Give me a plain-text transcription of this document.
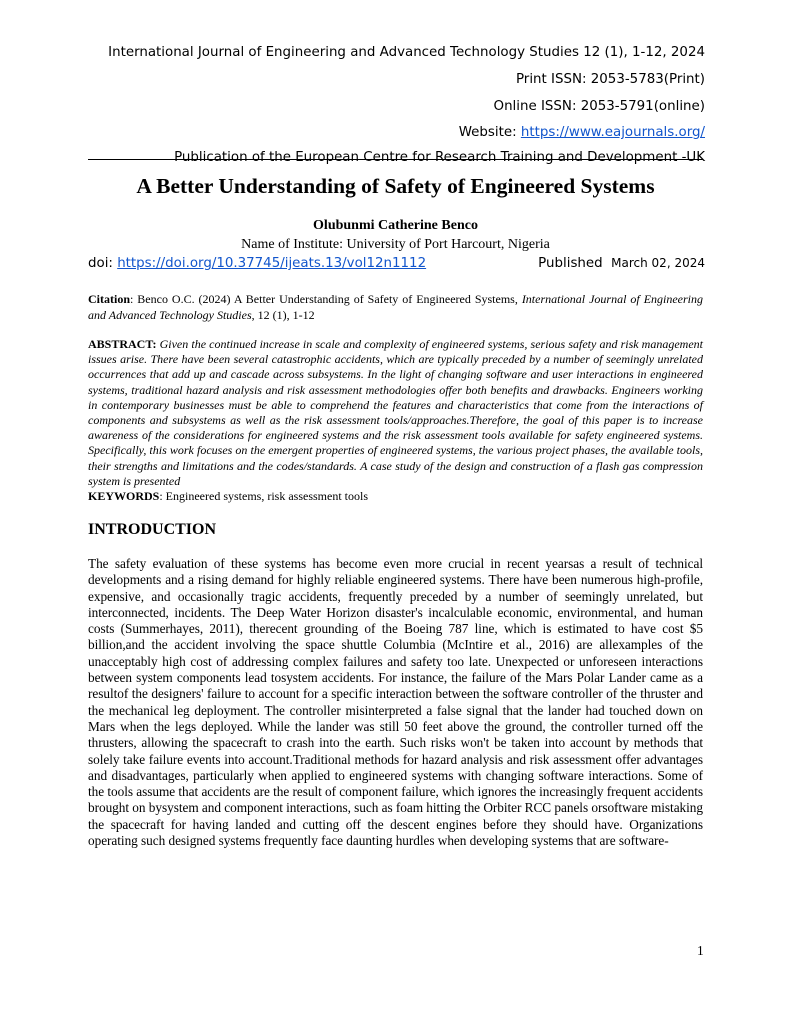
International Journal of Engineering and Advanced Technology Studies 12 (1), 1-12, 2024
Print ISSN: 2053-5783(Print)
Online ISSN: 2053-5791(online)
Website: https://www.eajournals.org/
Publication of the European Centre for Research Training and Development -UK
A Better Understanding of Safety of Engineered Systems
Olubunmi Catherine Benco
Name of Institute: University of Port Harcourt, Nigeria
doi: https://doi.org/10.37745/ijeats.13/vol12n1112	Published March 02, 2024
Citation: Benco O.C. (2024) A Better Understanding of Safety of Engineered Systems, International Journal of Engineering and Advanced Technology Studies, 12 (1), 1-12
ABSTRACT: Given the continued increase in scale and complexity of engineered systems, serious safety and risk management issues arise. There have been several catastrophic accidents, which are typically preceded by a number of seemingly unrelated occurrences that add up and cascade across subsystems. In the light of changing software and user interactions in engineered systems, traditional hazard analysis and risk assessment methodologies offer both benefits and drawbacks. Engineers working in contemporary businesses must be able to comprehend the features and characteristics that come from the interactions of components and subsystems as well as the risk assessment tools/approaches.Therefore, the goal of this paper is to increase awareness of the considerations for engineered systems and the risk assessment tools available for safety engineered systems. Specifically, this work focuses on the emergent properties of engineered systems, the various project phases, the available tools, their strengths and limitations and the codes/standards. A case study of the design and construction of a flash gas compression system is presented
KEYWORDS: Engineered systems, risk assessment tools
INTRODUCTION
The safety evaluation of these systems has become even more crucial in recent yearsas a result of technical developments and a rising demand for highly reliable engineered systems. There have been numerous high-profile, expensive, and occasionally tragic accidents, frequently preceded by a number of seemingly unrelated, but interconnected, incidents. The Deep Water Horizon disaster's incalculable economic, environmental, and human costs (Summerhayes, 2011), therecent grounding of the Boeing 787 line, which is estimated to have cost $5 billion,and the accident involving the space shuttle Columbia (McIntire et al., 2016) are allexamples of the unacceptably high cost of addressing complex failures and safety too late. Unexpected or unforeseen interactions between system components lead tosystem accidents. For instance, the failure of the Mars Polar Lander came as a resultof the designers' failure to account for a specific interaction between the software controller of the thruster and the mechanical leg deployment. The controller misinterpreted a false signal that the lander had touched down on Mars when the legs deployed. While the lander was still 50 feet above the ground, the controller turned off the thrusters, allowing the spacecraft to crash into the earth. Such risks won't be taken into account by methods that solely take failure events into account.Traditional methods for hazard analysis and risk assessment offer advantages and disadvantages, particularly when applied to engineered systems with changing software interactions. Some of the tools assume that accidents are the result of component failure, which ignores the increasingly frequent accidents brought on bysystem and component interactions, such as foam hitting the Orbiter RCC panels orsoftware mistaking the spacecraft for having landed and cutting off the descent engines before they should have. Organizations operating such designed systems frequently face daunting hurdles when developing systems that are software-
1
